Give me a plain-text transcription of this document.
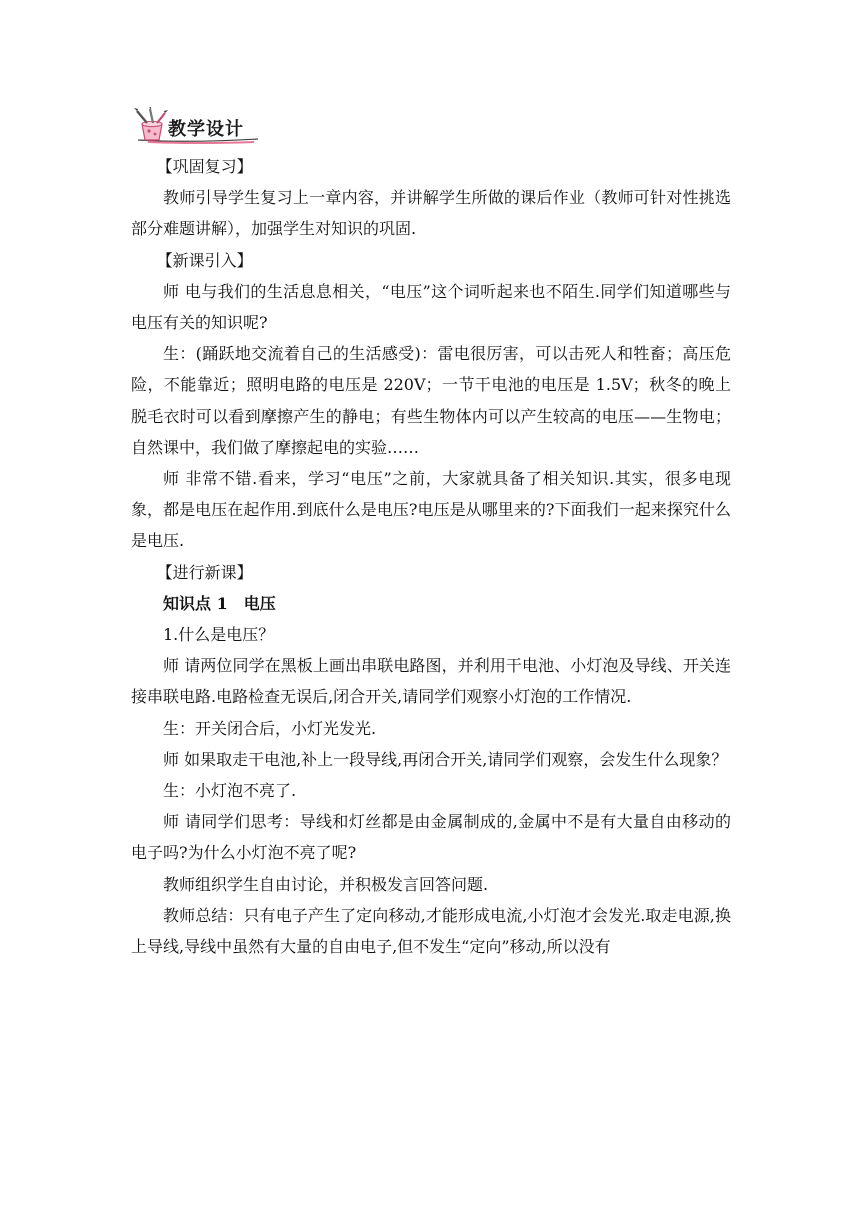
教学设计

【巩固复习】

教师引导学生复习上一章内容，并讲解学生所做的课后作业（教师可针对性挑选部分难题讲解），加强学生对知识的巩固.

【新课引入】

师 电与我们的生活息息相关，“电压”这个词听起来也不陌生.同学们知道哪些与电压有关的知识呢?

生：(踊跃地交流着自己的生活感受)：雷电很厉害，可以击死人和牲畜；高压危险，不能靠近；照明电路的电压是 220V；一节干电池的电压是 1.5V；秋冬的晚上脱毛衣时可以看到摩擦产生的静电；有些生物体内可以产生较高的电压——生物电；自然课中，我们做了摩擦起电的实验……

师 非常不错.看来，学习“电压”之前，大家就具备了相关知识.其实，很多电现象，都是电压在起作用.到底什么是电压?电压是从哪里来的?下面我们一起来探究什么是电压.

【进行新课】

知识点 1　电压

1.什么是电压？

师 请两位同学在黑板上画出串联电路图，并利用干电池、小灯泡及导线、开关连接串联电路.电路检查无误后,闭合开关,请同学们观察小灯泡的工作情况.

生：开关闭合后，小灯光发光.

师 如果取走干电池,补上一段导线,再闭合开关,请同学们观察，会发生什么现象？

生：小灯泡不亮了.

师 请同学们思考：导线和灯丝都是由金属制成的,金属中不是有大量自由移动的电子吗?为什么小灯泡不亮了呢?

教师组织学生自由讨论，并积极发言回答问题.

教师总结：只有电子产生了定向移动,才能形成电流,小灯泡才会发光.取走电源,换上导线,导线中虽然有大量的自由电子,但不发生“定向”移动,所以没有
